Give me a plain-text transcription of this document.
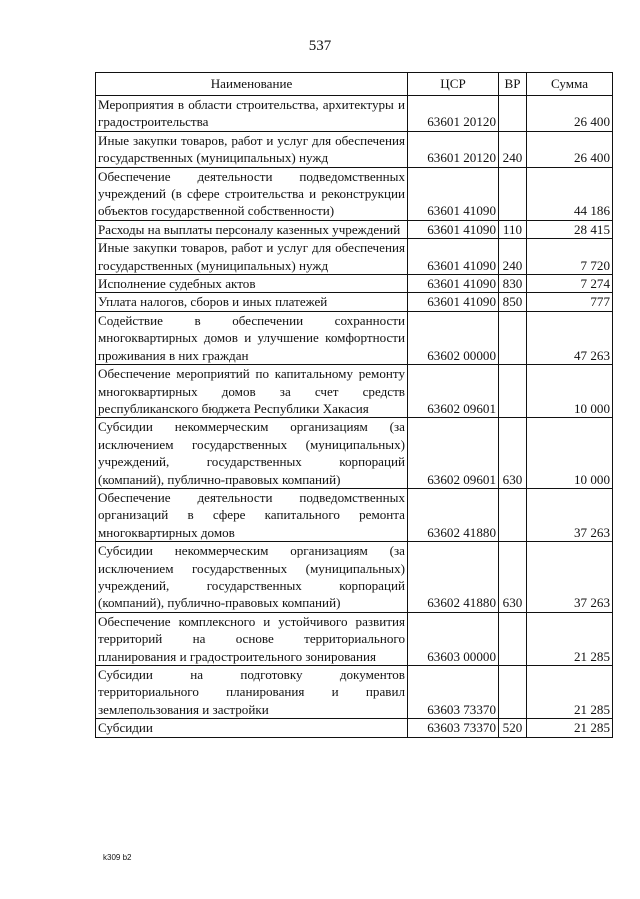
537
Наименование	ЦСР	ВР	Сумма
Мероприятия в области строительства, архитектуры и градостроительства	63601 20120		26 400
Иные закупки товаров, работ и услуг для обеспечения государственных (муниципальных) нужд	63601 20120	240	26 400
Обеспечение деятельности подведомственных учреждений (в сфере строительства и реконструкции объектов государственной собственности)	63601 41090		44 186
Расходы на выплаты персоналу казенных учреждений	63601 41090	110	28 415
Иные закупки товаров, работ и услуг для обеспечения государственных (муниципальных) нужд	63601 41090	240	7 720
Исполнение судебных актов	63601 41090	830	7 274
Уплата налогов, сборов и иных платежей	63601 41090	850	777
Содействие в обеспечении сохранности многоквартирных домов и улучшение комфортности проживания в них граждан	63602 00000		47 263
Обеспечение мероприятий по капитальному ремонту многоквартирных домов за счет средств республиканского бюджета Республики Хакасия	63602 09601		10 000
Субсидии некоммерческим организациям (за исключением государственных (муниципальных) учреждений, государственных корпораций (компаний), публично-правовых компаний)	63602 09601	630	10 000
Обеспечение деятельности подведомственных организаций в сфере капитального ремонта многоквартирных домов	63602 41880		37 263
Субсидии некоммерческим организациям (за исключением государственных (муниципальных) учреждений, государственных корпораций (компаний), публично-правовых компаний)	63602 41880	630	37 263
Обеспечение комплексного и устойчивого развития территорий на основе территориального планирования и градостроительного зонирования	63603 00000		21 285
Субсидии на подготовку документов территориального планирования и правил землепользования и застройки	63603 73370		21 285
Субсидии	63603 73370	520	21 285
k309 b2
